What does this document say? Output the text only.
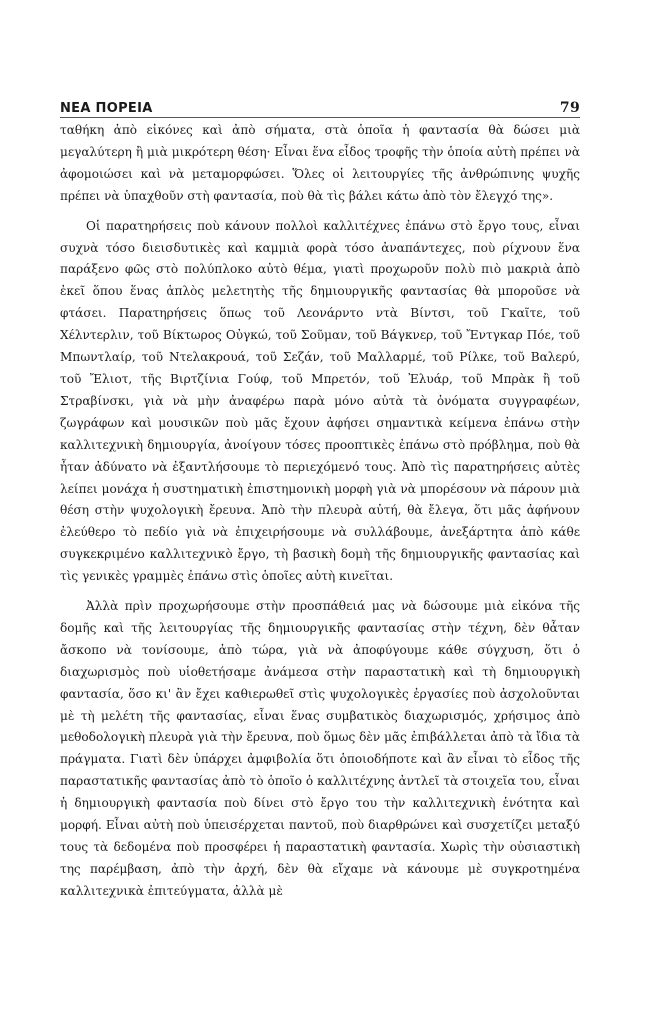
ΝΕΑ ΠΟΡΕΙΑ	79

ταθήκη ἀπὸ εἰκόνες καὶ ἀπὸ σήματα, στὰ ὁποῖα ἡ φαντασία θὰ δώσει μιὰ μεγαλύτερη ἢ μιὰ μικρότερη θέση· Εἶναι ἕνα εἶδος τροφῆς τὴν ὁποία αὐτὴ πρέπει νὰ ἀφομοιώσει καὶ νὰ μεταμορφώσει. Ὅλες οἱ λειτουργίες τῆς ἀνθρώπινης ψυχῆς πρέπει νὰ ὑπαχθοῦν στὴ φαντασία, ποὺ θὰ τὶς βάλει κάτω ἀπὸ τὸν ἔλεγχό της».

Οἱ παρατηρήσεις ποὺ κάνουν πολλοὶ καλλιτέχνες ἐπάνω στὸ ἔργο τους, εἶναι συχνὰ τόσο διεισδυτικὲς καὶ καμμιὰ φορὰ τόσο ἀναπάντεχες, ποὺ ρίχνουν ἕνα παράξενο φῶς στὸ πολύπλοκο αὐτὸ θέμα, γιατὶ προχωροῦν πολὺ πιὸ μακριὰ ἀπὸ ἐκεῖ ὅπου ἕνας ἁπλὸς μελετητὴς τῆς δημιουργικῆς φαντασίας θὰ μποροῦσε νὰ φτάσει. Παρατηρήσεις ὅπως τοῦ Λεονάρντο ντὰ Βίντσι, τοῦ Γκαῖτε, τοῦ Χέλντερλιν, τοῦ Βίκτωρος Οὐγκώ, τοῦ Σοῦμαν, τοῦ Βάγκνερ, τοῦ Ἔντγκαρ Πόε, τοῦ Μπωντλαίρ, τοῦ Ντελακρουά, τοῦ Σεζάν, τοῦ Μαλλαρμέ, τοῦ Ρίλκε, τοῦ Βαλερύ, τοῦ Ἔλιοτ, τῆς Βιρτζίνια Γούφ, τοῦ Μπρετόν, τοῦ Ἐλυάρ, τοῦ Μπρὰκ ἢ τοῦ Στραβίνσκι, γιὰ νὰ μὴν ἀναφέρω παρὰ μόνο αὐτὰ τὰ ὀνόματα συγγραφέων, ζωγράφων καὶ μουσικῶν ποὺ μᾶς ἔχουν ἀφήσει σημαντικὰ κείμενα ἐπάνω στὴν καλλιτεχνικὴ δημιουργία, ἀνοίγουν τόσες προοπτικὲς ἐπάνω στὸ πρόβλημα, ποὺ θὰ ἦταν ἀδύνατο νὰ ἐξαντλήσουμε τὸ περιεχόμενό τους. Ἀπὸ τὶς παρατηρήσεις αὐτὲς λείπει μονάχα ἡ συστηματικὴ ἐπιστημονικὴ μορφὴ γιὰ νὰ μπορέσουν νὰ πάρουν μιὰ θέση στὴν ψυχολογικὴ ἔρευνα. Ἀπὸ τὴν πλευρὰ αὐτή, θὰ ἔλεγα, ὅτι μᾶς ἀφήνουν ἐλεύθερο τὸ πεδίο γιὰ νὰ ἐπιχειρήσουμε νὰ συλλάβουμε, ἀνεξάρτητα ἀπὸ κάθε συγκεκριμένο καλλιτεχνικὸ ἔργο, τὴ βασικὴ δομὴ τῆς δημιουργικῆς φαντασίας καὶ τὶς γενικὲς γραμμὲς ἐπάνω στὶς ὁποῖες αὐτὴ κινεῖται.

Ἀλλὰ πρὶν προχωρήσουμε στὴν προσπάθειά μας νὰ δώσουμε μιὰ εἰκόνα τῆς δομῆς καὶ τῆς λειτουργίας τῆς δημιουργικῆς φαντασίας στὴν τέχνη, δὲν θἆταν ἄσκοπο νὰ τονίσουμε, ἀπὸ τώρα, γιὰ νὰ ἀποφύγουμε κάθε σύγχυση, ὅτι ὁ διαχωρισμὸς ποὺ υἱοθετήσαμε ἀνάμεσα στὴν παραστατικὴ καὶ τὴ δημιουργικὴ φαντασία, ὅσο κι' ἂν ἔχει καθιερωθεῖ στὶς ψυχολογικὲς ἐργασίες ποὺ ἀσχολοῦνται μὲ τὴ μελέτη τῆς φαντασίας, εἶναι ἕνας συμβατικὸς διαχωρισμός, χρήσιμος ἀπὸ μεθοδολογικὴ πλευρὰ γιὰ τὴν ἔρευνα, ποὺ ὅμως δὲν μᾶς ἐπιβάλλεται ἀπὸ τὰ ἴδια τὰ πράγματα. Γιατὶ δὲν ὑπάρχει ἀμφιβολία ὅτι ὁποιοδήποτε καὶ ἂν εἶναι τὸ εἶδος τῆς παραστατικῆς φαντασίας ἀπὸ τὸ ὁποῖο ὁ καλλιτέχνης ἀντλεῖ τὰ στοιχεῖα του, εἶναι ἡ δημιουργικὴ φαντασία ποὺ δίνει στὸ ἔργο του τὴν καλλιτεχνικὴ ἑνότητα καὶ μορφή. Εἶναι αὐτὴ ποὺ ὑπεισέρχεται παντοῦ, ποὺ διαρθρώνει καὶ συσχετίζει μεταξύ τους τὰ δεδομένα ποὺ προσφέρει ἡ παραστατικὴ φαντασία. Χωρὶς τὴν οὐσιαστικὴ της παρέμβαση, ἀπὸ τὴν ἀρχή, δὲν θὰ εἴχαμε νὰ κάνουμε μὲ συγκροτημένα καλλιτεχνικὰ ἐπιτεύγματα, ἀλλὰ μὲ
